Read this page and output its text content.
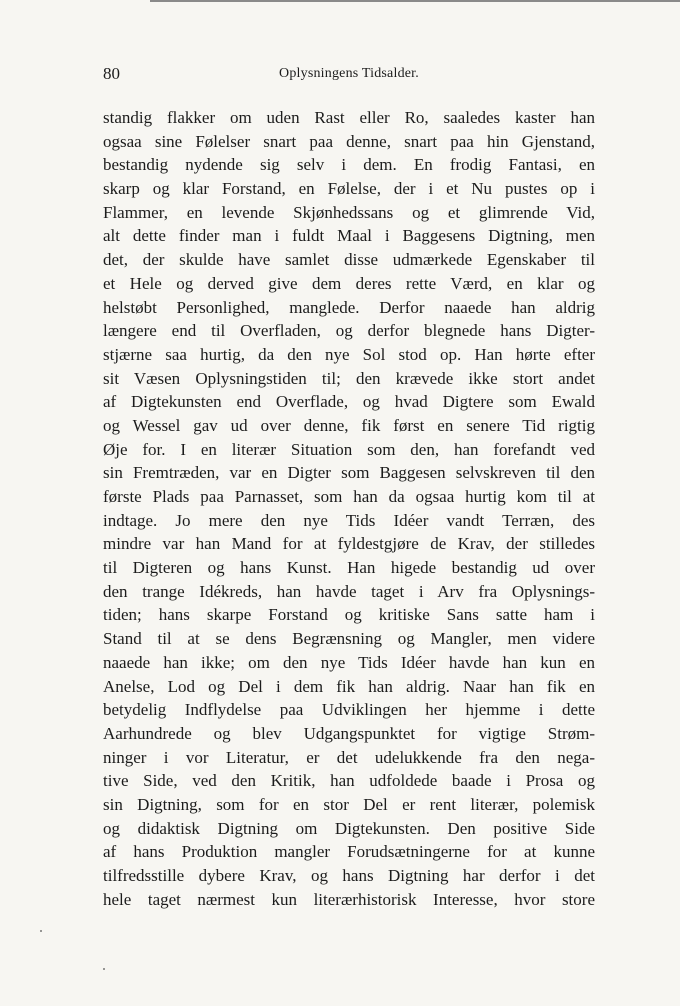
80	Oplysningens Tidsalder.
standig flakker om uden Rast eller Ro, saaledes kaster han
ogsaa sine Følelser snart paa denne, snart paa hin Gjenstand,
bestandig nydende sig selv i dem. En frodig Fantasi, en
skarp og klar Forstand, en Følelse, der i et Nu pustes op i
Flammer, en levende Skjønhedssans og et glimrende Vid,
alt dette finder man i fuldt Maal i Baggesens Digtning, men
det, der skulde have samlet disse udmærkede Egenskaber til
et Hele og derved give dem deres rette Værd, en klar og
helstøbt Personlighed, manglede. Derfor naaede han aldrig
længere end til Overfladen, og derfor blegnede hans Digter-
stjærne saa hurtig, da den nye Sol stod op. Han hørte efter
sit Væsen Oplysningstiden til; den krævede ikke stort andet
af Digtekunsten end Overflade, og hvad Digtere som Ewald
og Wessel gav ud over denne, fik først en senere Tid rigtig
Øje for. I en literær Situation som den, han forefandt ved
sin Fremtræden, var en Digter som Baggesen selvskreven til den
første Plads paa Parnasset, som han da ogsaa hurtig kom til at
indtage. Jo mere den nye Tids Idéer vandt Terræn, des
mindre var han Mand for at fyldestgjøre de Krav, der stilledes
til Digteren og hans Kunst. Han higede bestandig ud over
den trange Idékreds, han havde taget i Arv fra Oplysnings-
tiden; hans skarpe Forstand og kritiske Sans satte ham i
Stand til at se dens Begrænsning og Mangler, men videre
naaede han ikke; om den nye Tids Idéer havde han kun en
Anelse, Lod og Del i dem fik han aldrig. Naar han fik en
betydelig Indflydelse paa Udviklingen her hjemme i dette
Aarhundrede og blev Udgangspunktet for vigtige Strøm-
ninger i vor Literatur, er det udelukkende fra den nega-
tive Side, ved den Kritik, han udfoldede baade i Prosa og
sin Digtning, som for en stor Del er rent literær, polemisk
og didaktisk Digtning om Digtekunsten. Den positive Side
af hans Produktion mangler Forudsætningerne for at kunne
tilfredsstille dybere Krav, og hans Digtning har derfor i det
hele taget nærmest kun literærhistorisk Interesse, hvor store
